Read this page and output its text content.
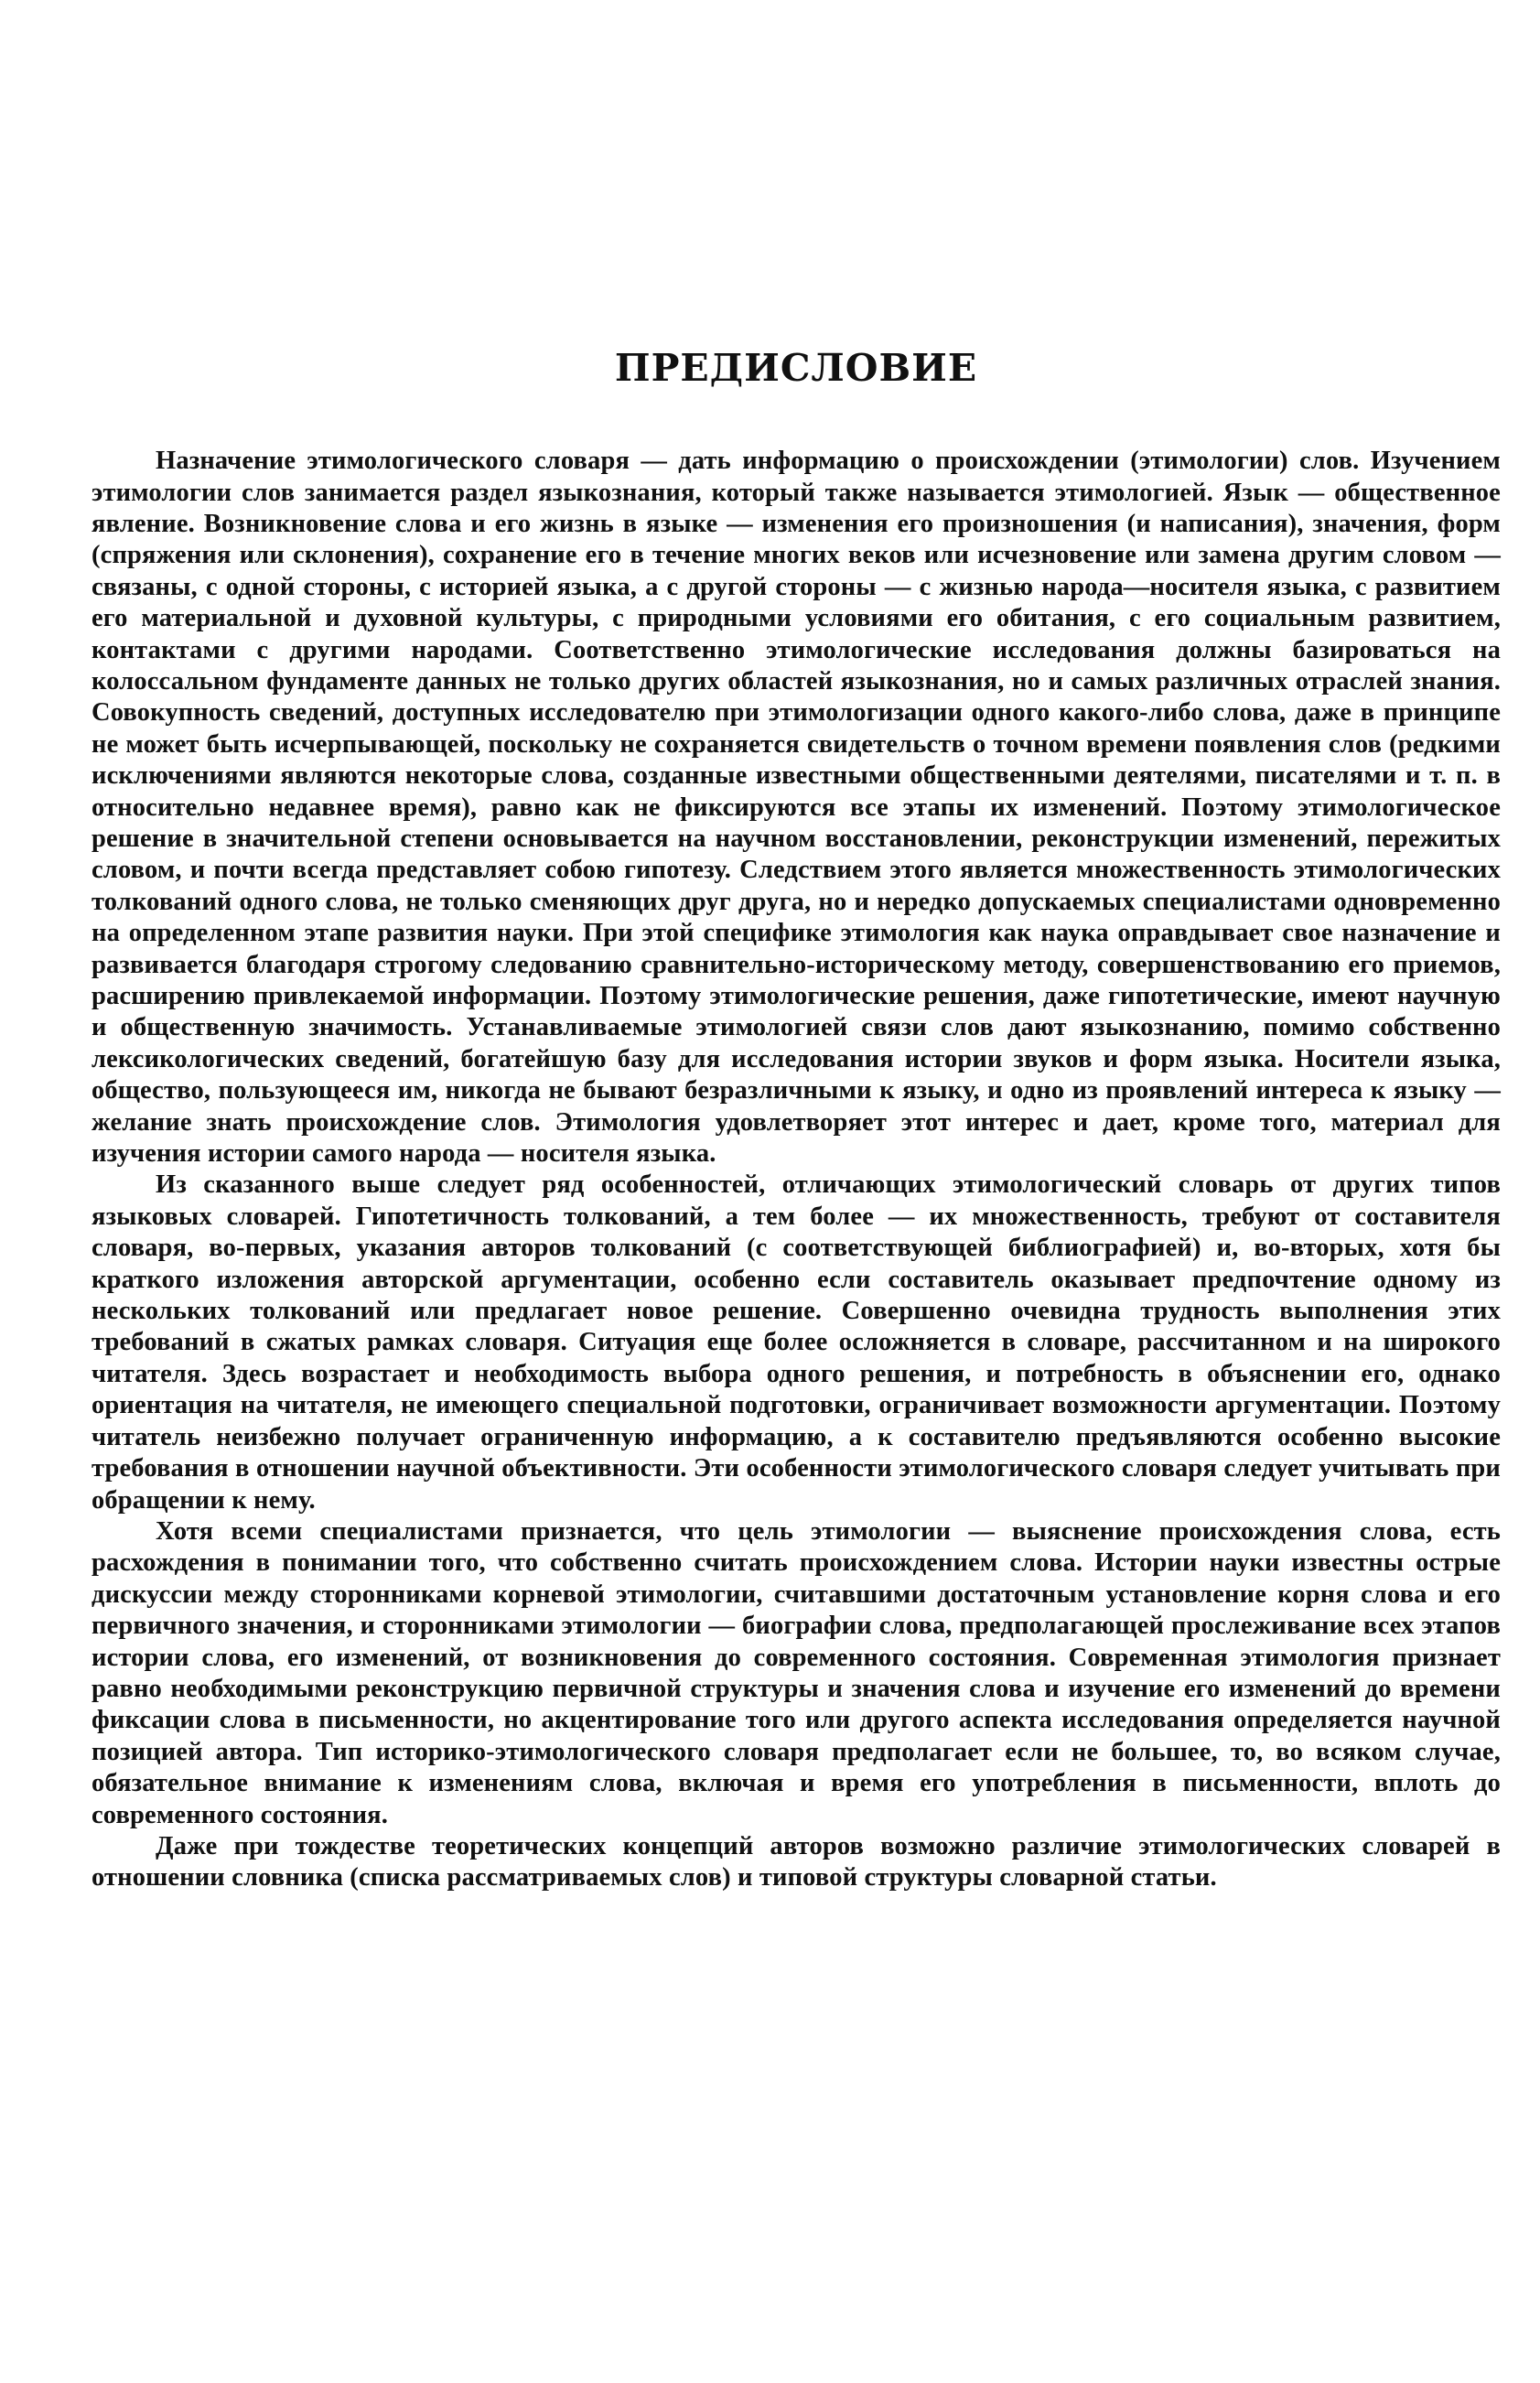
ПРЕДИСЛОВИЕ

Назначение этимологического словаря — дать информацию о происхождении (этимологии) слов. Изучением этимологии слов занимается раздел языкознания, который также называется этимологией. Язык — общественное явление. Возникновение слова и его жизнь в языке — изменения его произношения (и написания), значения, форм (спряжения или склонения), сохранение его в течение многих веков или исчезновение или замена другим словом — связаны, с одной стороны, с историей языка, а с другой стороны — с жизнью народа—носителя языка, с развитием его материальной и духовной культуры, с природными условиями его обитания, с его социальным развитием, контактами с другими народами. Соответственно этимологические исследования должны базироваться на колоссальном фундаменте данных не только других областей языкознания, но и самых различных отраслей знания. Совокупность сведений, доступных исследователю при этимологизации одного какого-либо слова, даже в принципе не может быть исчерпывающей, поскольку не сохраняется свидетельств о точном времени появления слов (редкими исключениями являются некоторые слова, созданные известными общественными деятелями, писателями и т. п. в относительно недавнее время), равно как не фиксируются все этапы их изменений. Поэтому этимологическое решение в значительной степени основывается на научном восстановлении, реконструкции изменений, пережитых словом, и почти всегда представляет собою гипотезу. Следствием этого является множественность этимологических толкований одного слова, не только сменяющих друг друга, но и нередко допускаемых специалистами одновременно на определенном этапе развития науки. При этой специфике этимология как наука оправдывает свое назначение и развивается благодаря строгому следованию сравнительно-историческому методу, совершенствованию его приемов, расширению привлекаемой информации. Поэтому этимологические решения, даже гипотетические, имеют научную и общественную значимость. Устанавливаемые этимологией связи слов дают языкознанию, помимо собственно лексикологических сведений, богатейшую базу для исследования истории звуков и форм языка. Носители языка, общество, пользующееся им, никогда не бывают безразличными к языку, и одно из проявлений интереса к языку — желание знать происхождение слов. Этимология удовлетворяет этот интерес и дает, кроме того, материал для изучения истории самого народа — носителя языка.

Из сказанного выше следует ряд особенностей, отличающих этимологический словарь от других типов языковых словарей. Гипотетичность толкований, а тем более — их множественность, требуют от составителя словаря, во-первых, указания авторов толкований (с соответствующей библиографией) и, во-вторых, хотя бы краткого изложения авторской аргументации, особенно если составитель оказывает предпочтение одному из нескольких толкований или предлагает новое решение. Совершенно очевидна трудность выполнения этих требований в сжатых рамках словаря. Ситуация еще более осложняется в словаре, рассчитанном и на широкого читателя. Здесь возрастает и необходимость выбора одного решения, и потребность в объяснении его, однако ориентация на читателя, не имеющего специальной подготовки, ограничивает возможности аргументации. Поэтому читатель неизбежно получает ограниченную информацию, а к составителю предъявляются особенно высокие требования в отношении научной объективности. Эти особенности этимологического словаря следует учитывать при обращении к нему.

Хотя всеми специалистами признается, что цель этимологии — выяснение происхождения слова, есть расхождения в понимании того, что собственно считать происхождением слова. Истории науки известны острые дискуссии между сторонниками корневой этимологии, считавшими достаточным установление корня слова и его первичного значения, и сторонниками этимологии — биографии слова, предполагающей прослеживание всех этапов истории слова, его изменений, от возникновения до современного состояния. Современная этимология признает равно необходимыми реконструкцию первичной структуры и значения слова и изучение его изменений до времени фиксации слова в письменности, но акцентирование того или другого аспекта исследования определяется научной позицией автора. Тип историко-этимологического словаря предполагает если не большее, то, во всяком случае, обязательное внимание к изменениям слова, включая и время его употребления в письменности, вплоть до современного состояния.

Даже при тождестве теоретических концепций авторов возможно различие этимологических словарей в отношении словника (списка рассматриваемых слов) и типовой структуры словарной статьи.
